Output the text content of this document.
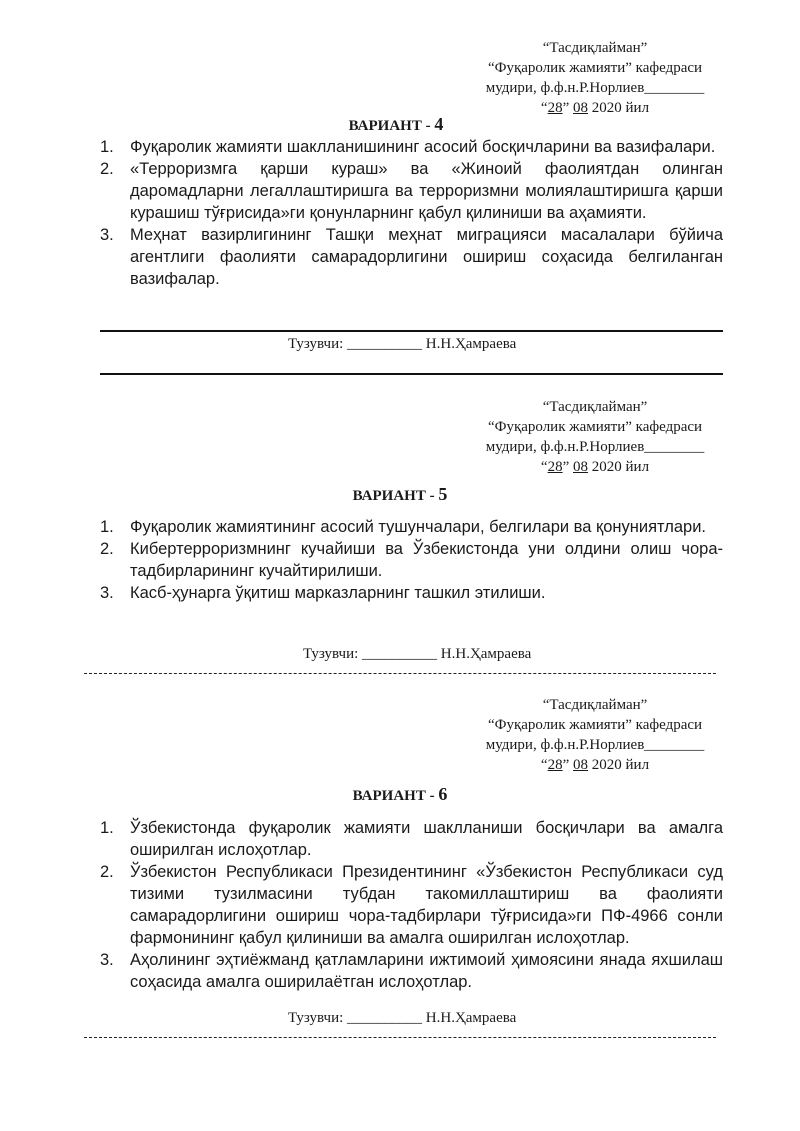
“Тасдиқлайман”
“Фуқаролик жамияти” кафедраси
мудири, ф.ф.н.Р.Норлиев________
“28” 08 2020 йил
ВАРИАНТ - 4
1. Фуқаролик жамияти шаклланишининг асосий босқичларини ва вазифалари.
2. «Терроризмга қарши кураш» ва «Жиноий фаолиятдан олинган даромадларни легаллаштиришга ва терроризмни молиялаштиришга қарши курашиш тўғрисида»ги қонунларнинг қабул қилиниши ва аҳамияти.
3. Меҳнат вазирлигининг Ташқи меҳнат миграцияси масалалари бўйича агентлиги фаолияти самарадорлигини ошириш соҳасида белгиланган вазифалар.
Тузувчи: __________ Н.Н.Ҳамраева
“Тасдиқлайман”
“Фуқаролик жамияти” кафедраси
мудири, ф.ф.н.Р.Норлиев________
“28” 08 2020 йил
ВАРИАНТ - 5
1. Фуқаролик жамиятининг асосий тушунчалари, белгилари ва қонуниятлари.
2. Кибертерроризмнинг кучайиши ва Ўзбекистонда уни олдини олиш чора-тадбирларининг кучайтирилиши.
3. Касб-ҳунарга ўқитиш марказларнинг ташкил этилиши.
Тузувчи: __________ Н.Н.Ҳамраева
“Тасдиқлайман”
“Фуқаролик жамияти” кафедраси
мудири, ф.ф.н.Р.Норлиев________
“28” 08 2020 йил
ВАРИАНТ - 6
1. Ўзбекистонда фуқаролик жамияти шаклланиши босқичлари ва амалга оширилган ислоҳотлар.
2. Ўзбекистон Республикаси Президентининг «Ўзбекистон Республикаси суд тизими тузилмасини тубдан такомиллаштириш ва фаолияти самарадорлигини ошириш чора-тадбирлари тўғрисида»ги ПФ-4966 сонли фармонининг қабул қилиниши ва амалга оширилган ислоҳотлар.
3. Аҳолининг эҳтиёжманд қатламларини ижтимоий ҳимоясини янада яхшилаш соҳасида амалга оширилаётган ислоҳотлар.
Тузувчи: __________ Н.Н.Ҳамраева
